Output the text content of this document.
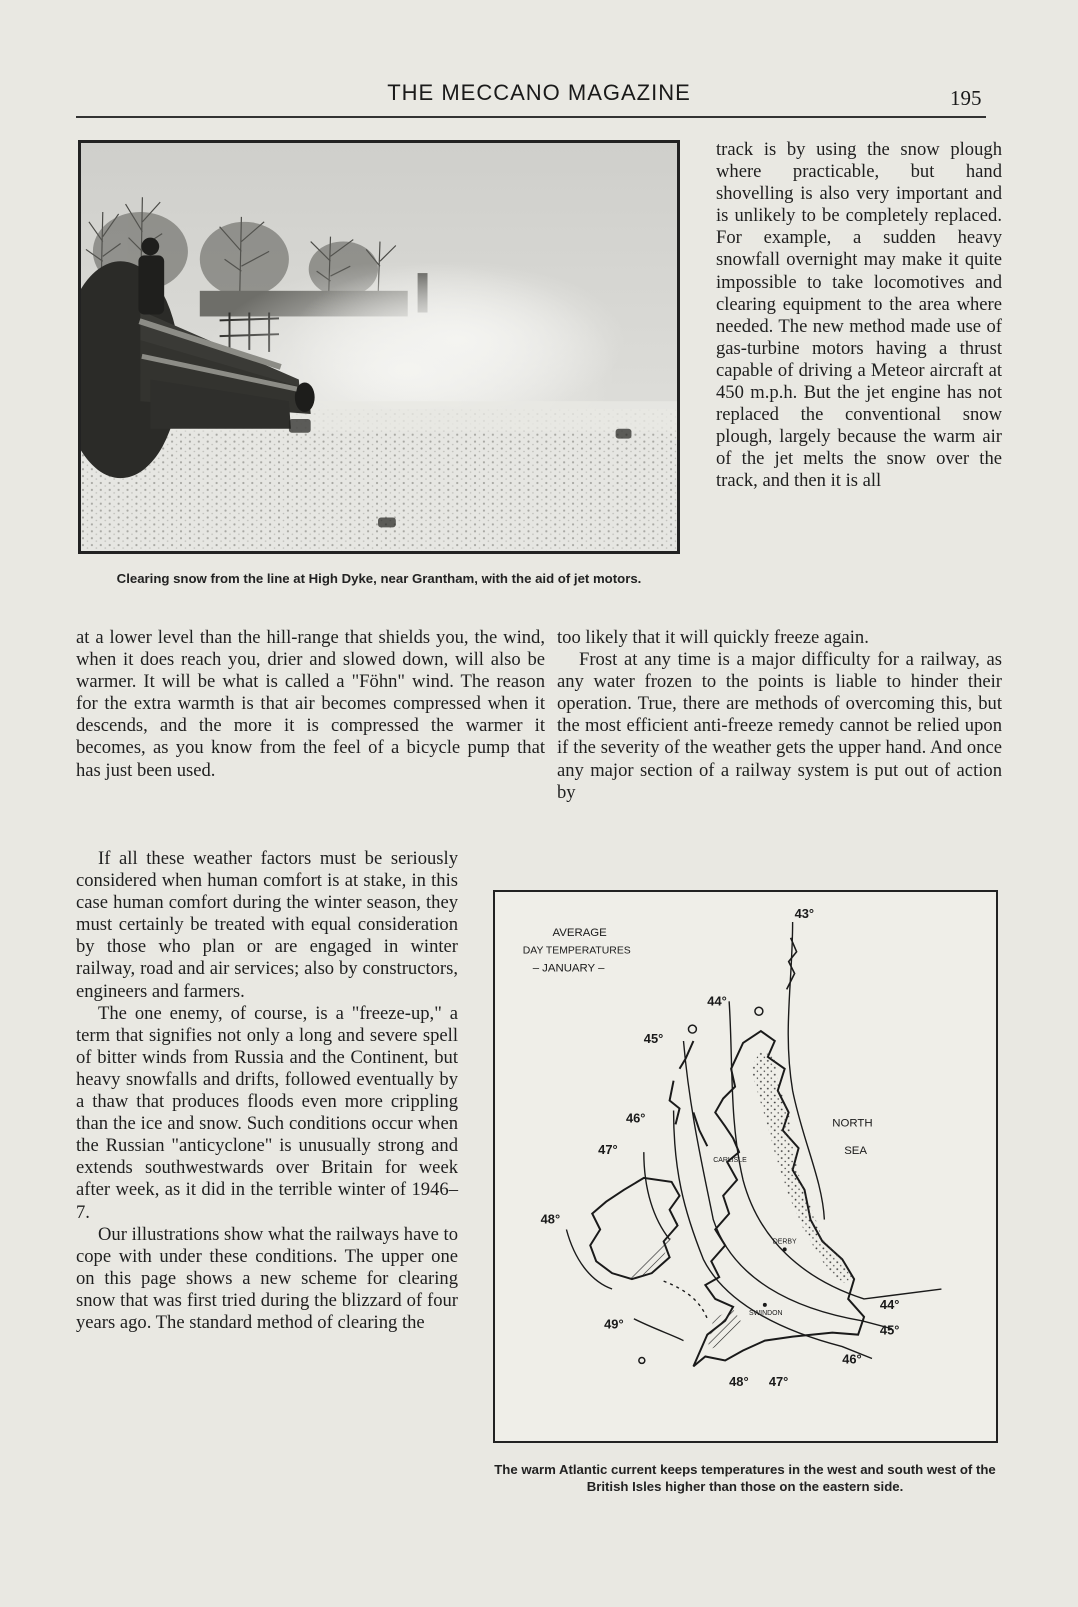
THE MECCANO MAGAZINE	195
Clearing snow from the line at High Dyke, near Grantham, with the aid of jet motors.

track is by using the snow plough where practicable, but hand shovelling is also very important and is unlikely to be completely replaced. For example, a sudden heavy snowfall overnight may make it quite impossible to take locomotives and clearing equipment to the area where needed. The new method made use of gas-turbine motors having a thrust capable of driving a Meteor aircraft at 450 m.p.h. But the jet engine has not replaced the conventional snow plough, largely because the warm air of the jet melts the snow over the track, and then it is all

too likely that it will quickly freeze again.

Frost at any time is a major difficulty for a railway, as any water frozen to the points is liable to hinder their operation. True, there are methods of overcoming this, but the most efficient anti-freeze remedy cannot be relied upon if the severity of the weather gets the upper hand. And once any major section of a railway system is put out of action by

at a lower level than the hill-range that shields you, the wind, when it does reach you, drier and slowed down, will also be warmer. It will be what is called a "Föhn" wind. The reason for the extra warmth is that air becomes compressed when it descends, and the more it is compressed the warmer it becomes, as you know from the feel of a bicycle pump that has just been used.

If all these weather factors must be seriously considered when human comfort is at stake, in this case human comfort during the winter season, they must certainly be treated with equal consideration by those who plan or are engaged in winter railway, road and air services; also by constructors, engineers and farmers.

The one enemy, of course, is a "freeze-up," a term that signifies not only a long and severe spell of bitter winds from Russia and the Continent, but heavy snowfalls and drifts, followed eventually by a thaw that produces floods even more crippling than the ice and snow. Such conditions occur when the Russian "anticyclone" is unusually strong and extends southwestwards over Britain for week after week, as it did in the terrible winter of 1946–7.

Our illustrations show what the railways have to cope with under these conditions. The upper one on this page shows a new scheme for clearing snow that was first tried during the blizzard of four years ago. The standard method of clearing the

AVERAGE
DAY TEMPERATURES
– JANUARY –
43°
44°
45°
46°
47°
48°
49°
44°
45°
46°
48° 47°
NORTH
SEA
CARLISLE
DERBY
SWINDON
The warm Atlantic current keeps temperatures in the west and south west of the British Isles higher than those on the eastern side.
